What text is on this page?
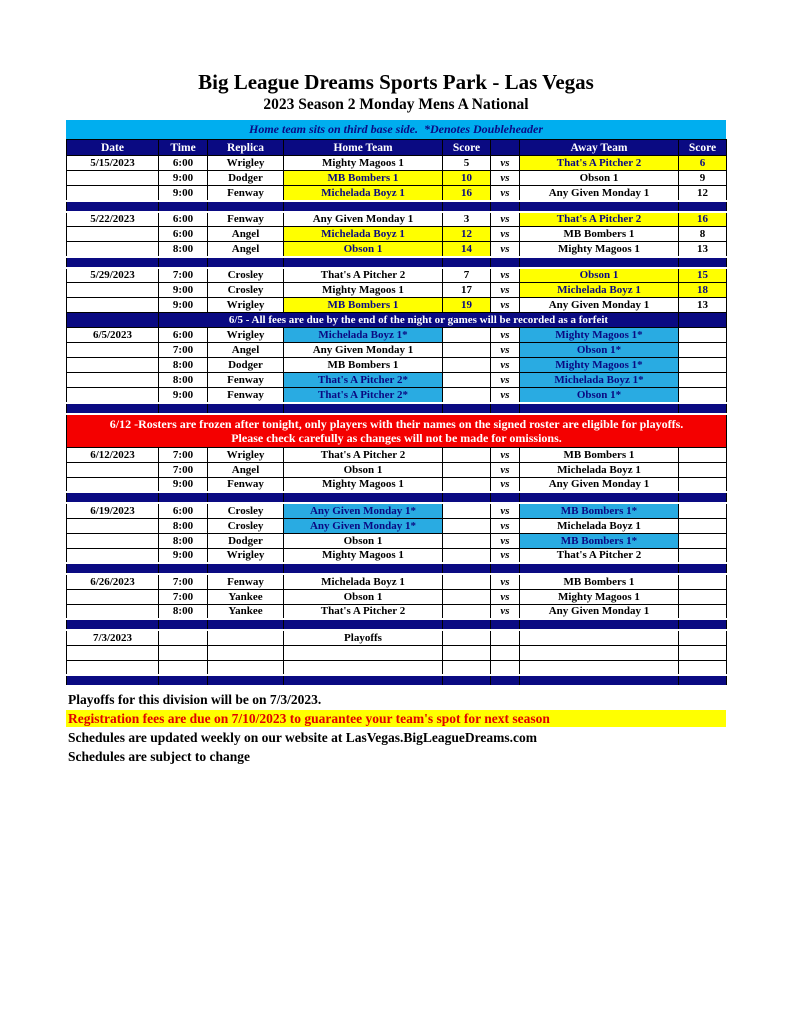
Big League Dreams Sports Park - Las Vegas
2023 Season 2 Monday Mens A National
Home team sits on third base side.  *Denotes Doubleheader
Date	Time	Replica	Home Team	Score		Away Team	Score
5/15/2023	6:00	Wrigley	Mighty Magoos 1	5	vs	That's A Pitcher 2	6
	9:00	Dodger	MB Bombers 1	10	vs	Obson 1	9
	9:00	Fenway	Michelada Boyz 1	16	vs	Any Given Monday 1	12

5/22/2023	6:00	Fenway	Any Given Monday 1	3	vs	That's A Pitcher 2	16
	6:00	Angel	Michelada Boyz 1	12	vs	MB Bombers 1	8
	8:00	Angel	Obson 1	14	vs	Mighty Magoos 1	13

5/29/2023	7:00	Crosley	That's A Pitcher 2	7	vs	Obson 1	15
	9:00	Crosley	Mighty Magoos 1	17	vs	Michelada Boyz 1	18
	9:00	Wrigley	MB Bombers 1	19	vs	Any Given Monday 1	13
	6/5 - All fees are due by the end of the night or games will be recorded as a forfeit						
6/5/2023	6:00	Wrigley	Michelada Boyz 1*		vs	Mighty Magoos 1*	
	7:00	Angel	Any Given Monday 1		vs	Obson 1*	
	8:00	Dodger	MB Bombers 1		vs	Mighty Magoos 1*	
	8:00	Fenway	That's A Pitcher 2*		vs	Michelada Boyz 1*	
	9:00	Fenway	That's A Pitcher 2*		vs	Obson 1*	

6/12 -Rosters are frozen after tonight, only players with their names on the signed roster are eligible for playoffs.
Please check carefully as changes will not be made for omissions.							

6/12/2023	7:00	Wrigley	That's A Pitcher 2		vs	MB Bombers 1	
	7:00	Angel	Obson 1		vs	Michelada Boyz 1	
	9:00	Fenway	Mighty Magoos 1		vs	Any Given Monday 1	

6/19/2023	6:00	Crosley	Any Given Monday 1*		vs	MB Bombers 1*	
	8:00	Crosley	Any Given Monday 1*		vs	Michelada Boyz 1	
	8:00	Dodger	Obson 1		vs	MB Bombers 1*	
	9:00	Wrigley	Mighty Magoos 1		vs	That's A Pitcher 2	

6/26/2023	7:00	Fenway	Michelada Boyz 1		vs	MB Bombers 1	
	7:00	Yankee	Obson 1		vs	Mighty Magoos 1	
	8:00	Yankee	That's A Pitcher 2		vs	Any Given Monday 1	

7/3/2023			Playoffs				

Playoffs for this division will be on 7/3/2023.
Registration fees are due on 7/10/2023 to guarantee your team's spot for next season
Schedules are updated weekly on our website at LasVegas.BigLeagueDreams.com
Schedules are subject to change
